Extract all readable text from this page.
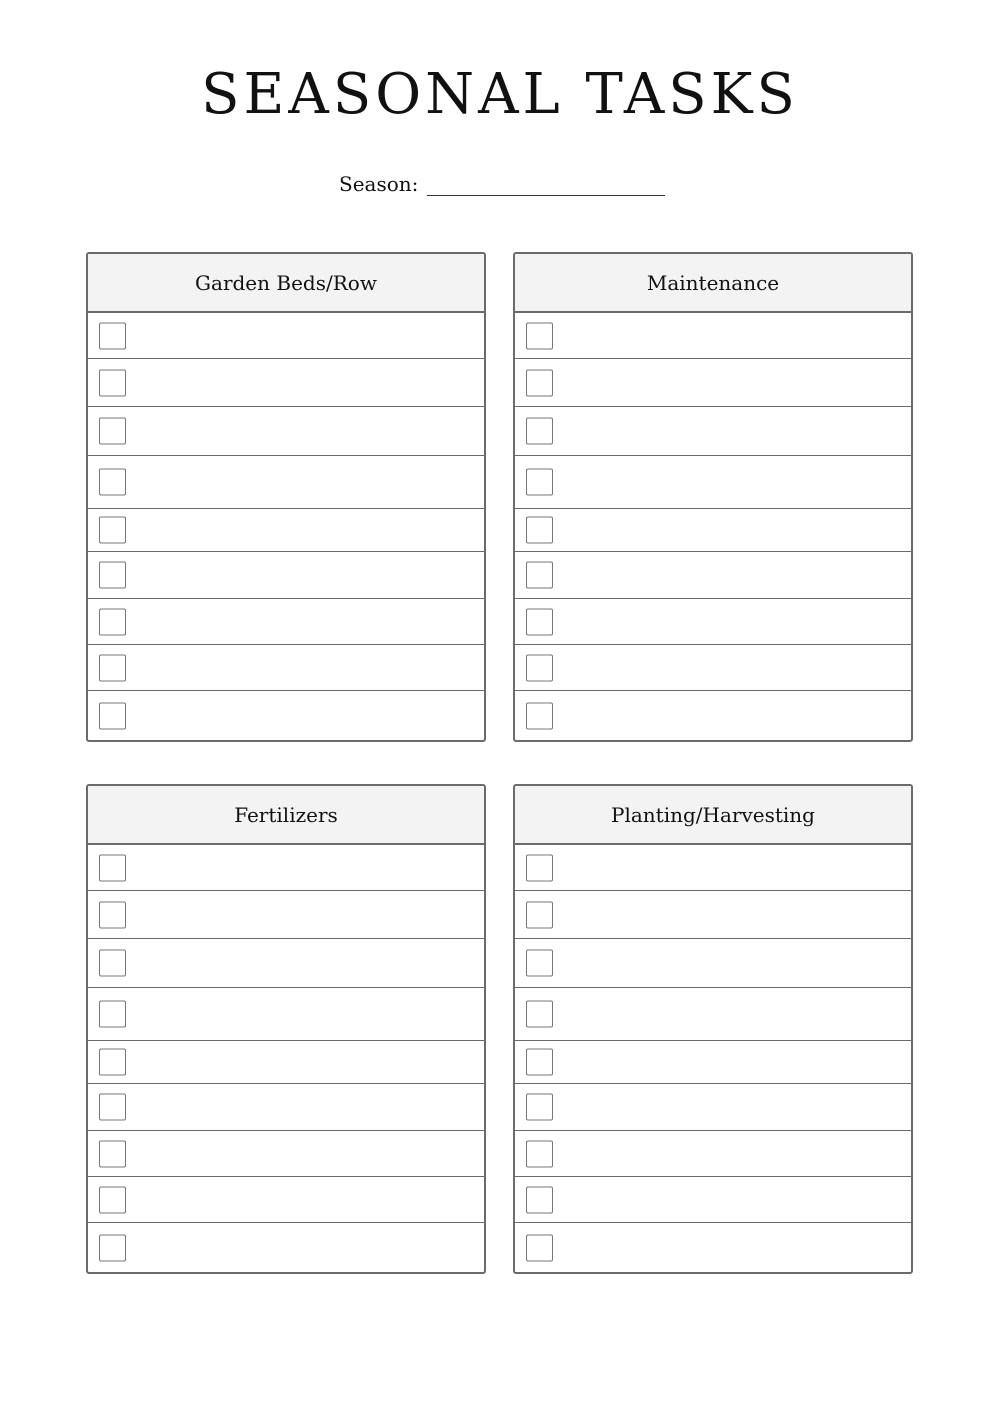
SEASONAL TASKS
Season:
Garden Beds/Row	Maintenance
Fertilizers	Planting/Harvesting
